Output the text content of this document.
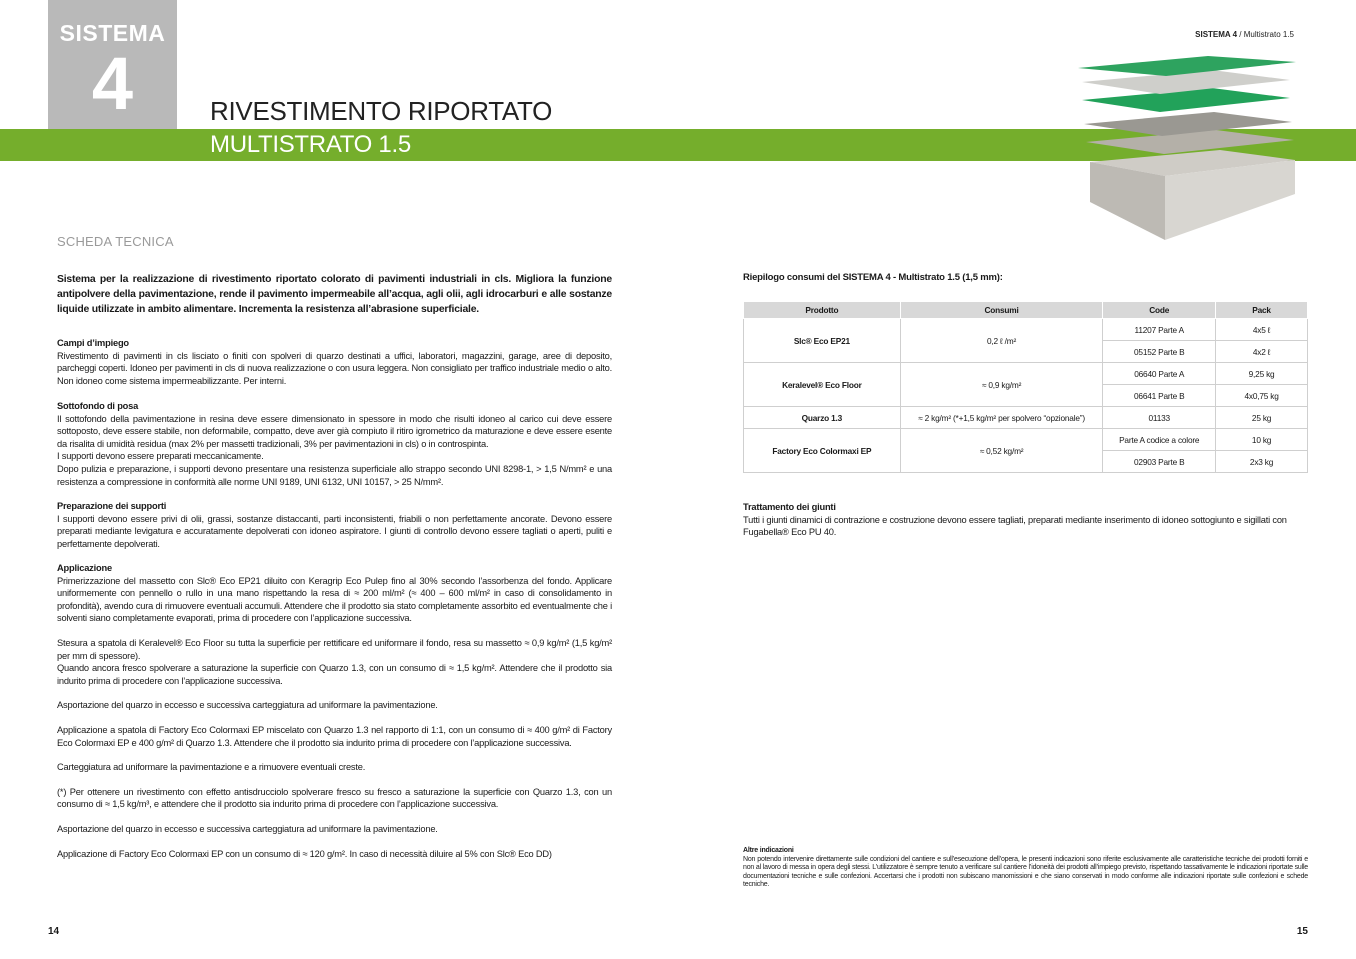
SISTEMA
4	RIVESTIMENTO RIPORTATO
MULTISTRATO 1.5
SISTEMA 4 / Multistrato 1.5
SCHEDA TECNICA
Sistema per la realizzazione di rivestimento riportato colorato di pavimenti industriali in cls. Migliora la funzione antipolvere della pavimentazione, rende il pavimento impermeabile all’acqua, agli olii, agli idrocarburi e alle sostanze liquide utilizzate in ambito alimentare. Incrementa la resistenza all’abrasione superficiale.

Campi d’impiego

Rivestimento di pavimenti in cls lisciato o finiti con spolveri di quarzo destinati a uffici, laboratori, magazzini, garage, aree di deposito, parcheggi coperti. Idoneo per pavimenti in cls di nuova realizzazione o con usura leggera. Non consigliato per traffico industriale medio o alto. Non idoneo come sistema impermeabilizzante. Per interni.

Sottofondo di posa

Il sottofondo della pavimentazione in resina deve essere dimensionato in spessore in modo che risulti idoneo al carico cui deve essere sottoposto, deve essere stabile, non deformabile, compatto, deve aver già compiuto il ritiro igrometrico da maturazione e deve essere esente da risalita di umidità residua (max 2% per massetti tradizionali, 3% per pavimentazioni in cls) o in controspinta.

I supporti devono essere preparati meccanicamente.

Dopo pulizia e preparazione, i supporti devono presentare una resistenza superficiale allo strappo secondo UNI 8298-1, > 1,5 N/mm² e una resistenza a compressione in conformità alle norme UNI 9189, UNI 6132, UNI 10157, > 25 N/mm².

Preparazione dei supporti

I supporti devono essere privi di olii, grassi, sostanze distaccanti, parti inconsistenti, friabili o non perfettamente ancorate. Devono essere preparati mediante levigatura e accuratamente depolverati con idoneo aspiratore. I giunti di controllo devono essere tagliati o aperti, puliti e perfettamente depolverati.

Applicazione

Primerizzazione del massetto con Slc® Eco EP21 diluito con Keragrip Eco Pulep fino al 30% secondo l’assorbenza del fondo. Applicare uniformemente con pennello o rullo in una mano rispettando la resa di ≈ 200 ml/m² (≈ 400 – 600 ml/m² in caso di consolidamento in profondità), avendo cura di rimuovere eventuali accumuli. Attendere che il prodotto sia stato completamente assorbito ed eventualmente che i solventi siano completamente evaporati, prima di procedere con l’applicazione successiva.

Stesura a spatola di Keralevel® Eco Floor su tutta la superficie per rettificare ed uniformare il fondo, resa su massetto ≈ 0,9 kg/m² (1,5 kg/m² per mm di spessore).

Quando ancora fresco spolverare a saturazione la superficie con Quarzo 1.3, con un consumo di ≈ 1,5 kg/m². Attendere che il prodotto sia indurito prima di procedere con l’applicazione successiva.

Asportazione del quarzo in eccesso e successiva carteggiatura ad uniformare la pavimentazione.

Applicazione a spatola di Factory Eco Colormaxi EP miscelato con Quarzo 1.3 nel rapporto di 1:1, con un consumo di ≈ 400 g/m² di Factory Eco Colormaxi EP e 400 g/m² di Quarzo 1.3. Attendere che il prodotto sia indurito prima di procedere con l’applicazione successiva.

Carteggiatura ad uniformare la pavimentazione e a rimuovere eventuali creste.

(*) Per ottenere un rivestimento con effetto antisdrucciolo spolverare fresco su fresco a saturazione la superficie con Quarzo 1.3, con un consumo di ≈ 1,5 kg/m³, e attendere che il prodotto sia indurito prima di procedere con l’applicazione successiva.

Asportazione del quarzo in eccesso e successiva carteggiatura ad uniformare la pavimentazione.

Applicazione di Factory Eco Colormaxi EP con un consumo di ≈ 120 g/m². In caso di necessità diluire al 5% con Slc® Eco DD)

Riepilogo consumi del SISTEMA 4 - Multistrato 1.5 (1,5 mm):
Prodotto	Consumi	Code	Pack
Slc® Eco EP21	0,2 ℓ /m²	11207 Parte A	4x5 ℓ
		05152 Parte B	4x2 ℓ
Keralevel® Eco Floor	≈ 0,9 kg/m²	06640 Parte A	9,25 kg
		06641 Parte B	4x0,75 kg
Quarzo 1.3	≈ 2 kg/m² (*+1,5 kg/m² per spolvero “opzionale”)	01133	25 kg
Factory Eco Colormaxi EP	≈ 0,52 kg/m²	Parte A codice a colore	10 kg
		02903 Parte B	2x3 kg
Trattamento dei giunti
Tutti i giunti dinamici di contrazione e costruzione devono essere tagliati, preparati mediante inserimento di idoneo sottogiunto e sigillati con Fugabella® Eco PU 40.
Altre indicazioni
Non potendo intervenire direttamente sulle condizioni del cantiere e sull’esecuzione dell’opera, le presenti indicazioni sono riferite esclusivamente alle caratteristiche tecniche dei prodotti forniti e non al lavoro di messa in opera degli stessi. L’utilizzatore è sempre tenuto a verificare sul cantiere l’idoneità dei prodotti all’impiego previsto, rispettando tassativamente le indicazioni riportate sulle documentazioni tecniche e sulle confezioni. Accertarsi che i prodotti non subiscano manomissioni e che siano conservati in modo conforme alle indicazioni riportate sulle confezioni e schede tecniche.
14	15
